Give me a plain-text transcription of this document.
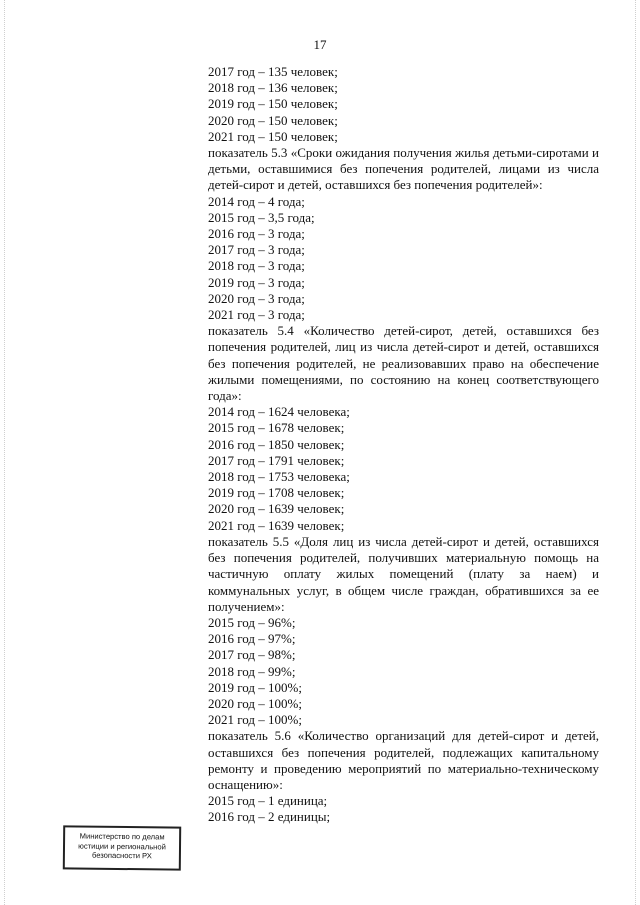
17
2017 год – 135 человек;
2018 год – 136 человек;
2019 год – 150 человек;
2020 год – 150 человек;
2021 год – 150 человек;
показатель 5.3 «Сроки ожидания получения жилья детьми-сиротами и детьми, оставшимися без попечения родителей, лицами из числа детей-сирот и детей, оставшихся без попечения родителей»:
2014 год – 4 года;
2015 год – 3,5 года;
2016 год – 3 года;
2017 год – 3 года;
2018 год – 3 года;
2019 год – 3 года;
2020 год – 3 года;
2021 год – 3 года;
показатель 5.4 «Количество детей-сирот, детей, оставшихся без попечения родителей, лиц из числа детей-сирот и детей, оставшихся без попечения родителей, не реализовавших право на обеспечение жилыми помещениями, по состоянию на конец соответствующего года»:
2014 год – 1624 человека;
2015 год – 1678 человек;
2016 год – 1850 человек;
2017 год – 1791 человек;
2018 год – 1753 человека;
2019 год – 1708 человек;
2020 год – 1639 человек;
2021 год – 1639 человек;
показатель 5.5 «Доля лиц из числа детей-сирот и детей, оставшихся без попечения родителей, получивших материальную помощь на частичную оплату жилых помещений (плату за наем) и коммунальных услуг, в общем числе граждан, обратившихся за ее получением»:
2015 год – 96%;
2016 год – 97%;
2017 год – 98%;
2018 год – 99%;
2019 год – 100%;
2020 год – 100%;
2021 год – 100%;
показатель 5.6 «Количество организаций для детей-сирот и детей, оставшихся без попечения родителей, подлежащих капитальному ремонту и проведению мероприятий по материально-техническому оснащению»:
2015 год – 1 единица;
2016 год – 2 единицы;
Министерство по делам
юстиции и региональной
безопасности РХ
